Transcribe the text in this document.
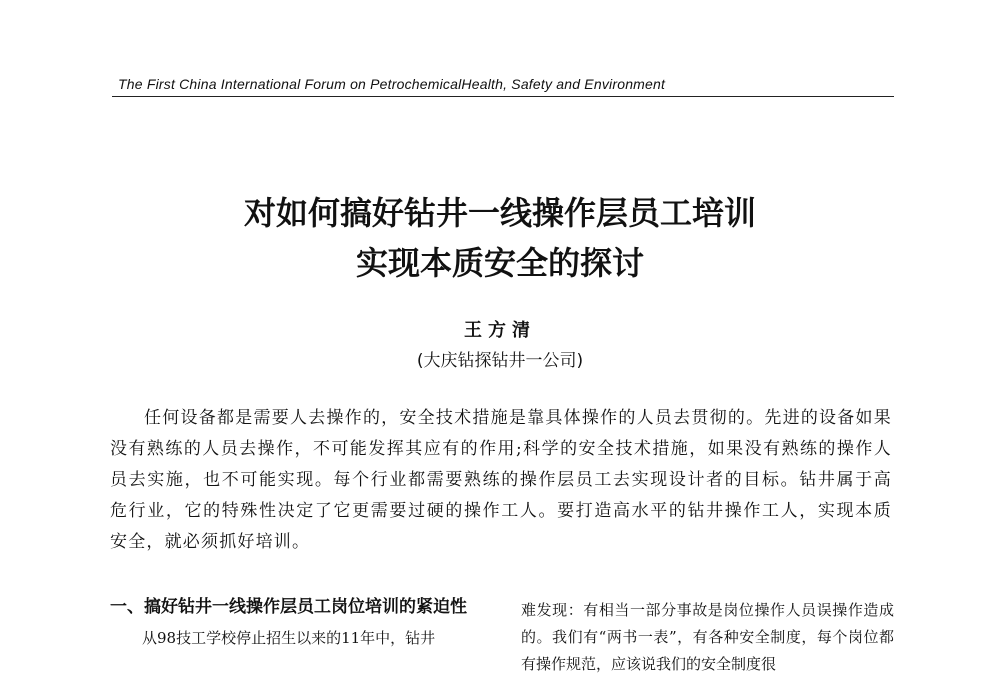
The First China International Forum on PetrochemicalHealth, Safety and Environment
对如何搞好钻井一线操作层员工培训
实现本质安全的探讨
王方清
(大庆钻探钻井一公司)

任何设备都是需要人去操作的，安全技术措施是靠具体操作的人员去贯彻的。先进的设备如果没有熟练的人员去操作，不可能发挥其应有的作用;科学的安全技术措施，如果没有熟练的操作人员去实施，也不可能实现。每个行业都需要熟练的操作层员工去实现设计者的目标。钻井属于高危行业，它的特殊性决定了它更需要过硬的操作工人。要打造高水平的钻井操作工人，实现本质安全，就必须抓好培训。

一、搞好钻井一线操作层员工岗位培训的紧迫性

从98技工学校停止招生以来的11年中，钻井

难发现：有相当一部分事故是岗位操作人员误操作造成的。我们有“两书一表”，有各种安全制度，每个岗位都有操作规范，应该说我们的安全制度很
